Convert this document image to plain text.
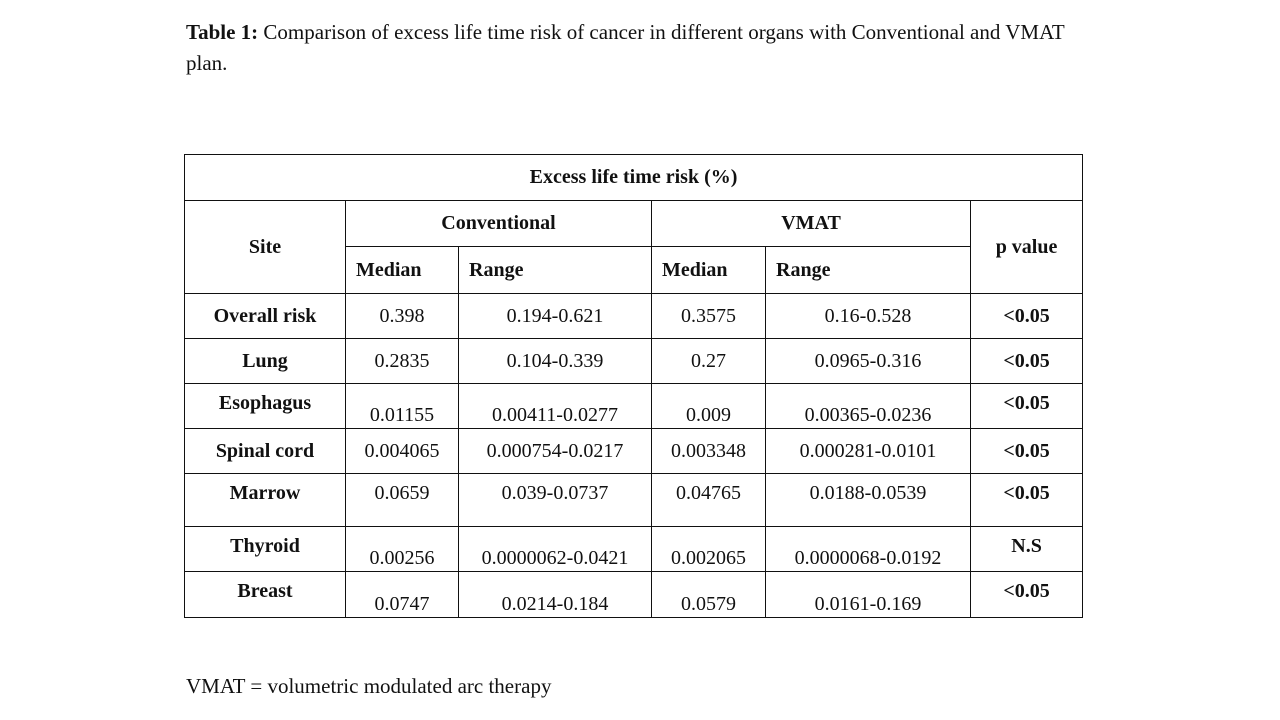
Table 1: Comparison of excess life time risk of cancer in different organs with Conventional and VMAT plan.

Excess life time risk (%)					
Site	Conventional		VMAT		p value
	Median	Range	Median	Range	
Overall risk	0.398	0.194-0.621	0.3575	0.16-0.528	<0.05
Lung	0.2835	0.104-0.339	0.27	0.0965-0.316	<0.05
Esophagus	0.01155	0.00411-0.0277	0.009	0.00365-0.0236	<0.05
Spinal cord	0.004065	0.000754-0.0217	0.003348	0.000281-0.0101	<0.05
Marrow	0.0659	0.039-0.0737	0.04765	0.0188-0.0539	<0.05
Thyroid	0.00256	0.0000062-0.0421	0.002065	0.0000068-0.0192	N.S
Breast	0.0747	0.0214-0.184	0.0579	0.0161-0.169	<0.05

VMAT = volumetric modulated arc therapy
